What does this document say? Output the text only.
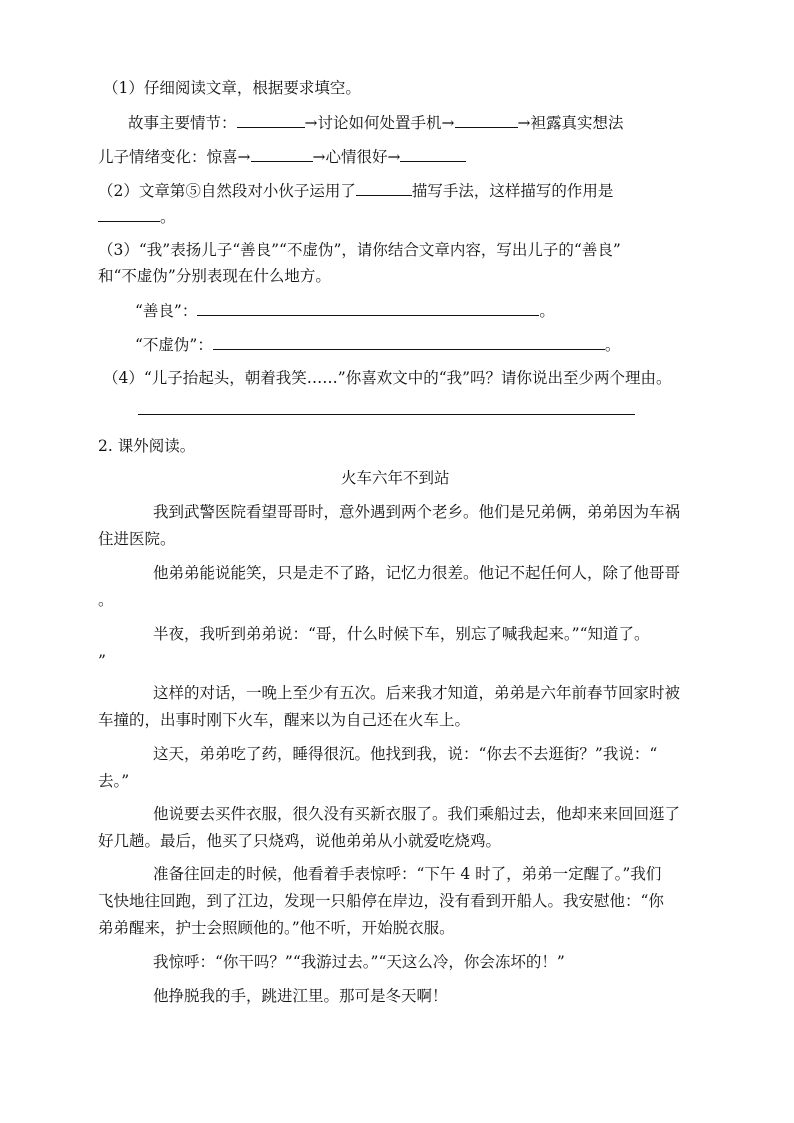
（1）仔细阅读文章，根据要求填空。
故事主要情节：	→讨论如何处置手机→	→袒露真实想法
儿子情绪变化：惊喜→	→心情很好→
（2）文章第⑤自然段对小伙子运用了	描写手法，这样描写的作用是
。
（3）“我”表扬儿子“善良”“不虚伪”，请你结合文章内容，写出儿子的“善良”
和“不虚伪”分别表现在什么地方。
“善良”：	。
“不虚伪”：	。
（4）“儿子抬起头，朝着我笑……”你喜欢文中的“我”吗？请你说出至少两个理由。
2. 课外阅读。
火车六年不到站
我到武警医院看望哥哥时，意外遇到两个老乡。他们是兄弟俩，弟弟因为车祸
住进医院。
他弟弟能说能笑，只是走不了路，记忆力很差。他记不起任何人，除了他哥哥
。
半夜，我听到弟弟说：“哥，什么时候下车，别忘了喊我起来。”“知道了。
”
这样的对话，一晚上至少有五次。后来我才知道，弟弟是六年前春节回家时被
车撞的，出事时刚下火车，醒来以为自己还在火车上。
这天，弟弟吃了药，睡得很沉。他找到我，说：“你去不去逛街？”我说：“
去。”
他说要去买件衣服，很久没有买新衣服了。我们乘船过去，他却来来回回逛了
好几趟。最后，他买了只烧鸡，说他弟弟从小就爱吃烧鸡。
准备往回走的时候，他看着手表惊呼：“下午 4 时了，弟弟一定醒了。”我们
飞快地往回跑，到了江边，发现一只船停在岸边，没有看到开船人。我安慰他：“你
弟弟醒来，护士会照顾他的。”他不听，开始脱衣服。
我惊呼：“你干吗？”“我游过去。”“天这么冷，你会冻坏的！”
他挣脱我的手，跳进江里。那可是冬天啊！
